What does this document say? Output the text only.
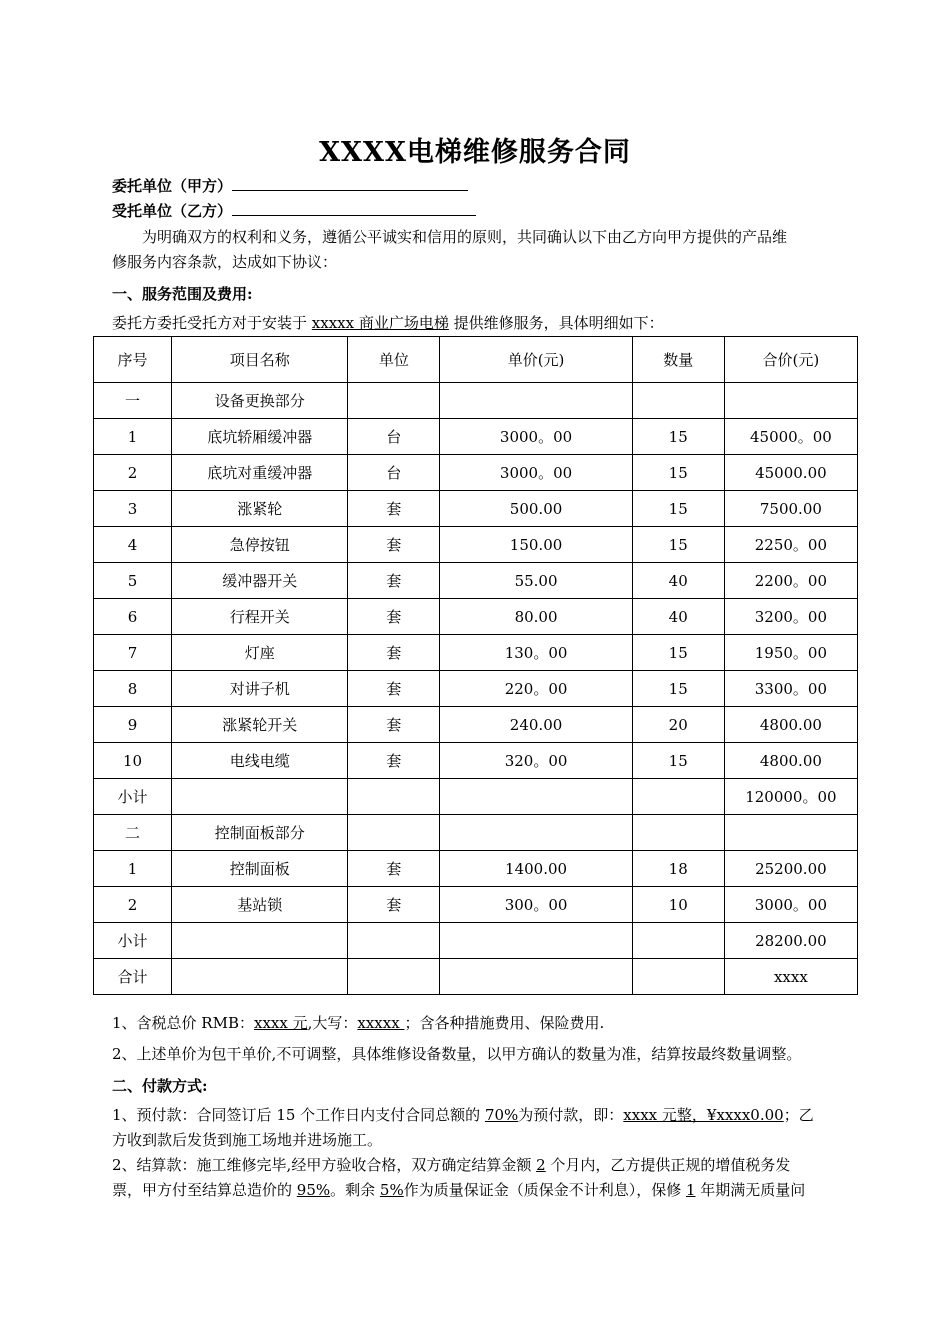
XXXX电梯维修服务合同
委托单位（甲方）
受托单位（乙方）
为明确双方的权利和义务，遵循公平诚实和信用的原则，共同确认以下由乙方向甲方提供的产品维
修服务内容条款，达成如下协议：
一、服务范围及费用:
委托方委托受托方对于安装于 xxxxx 商业广场电梯 提供维修服务，具体明细如下：
序号	项目名称	单位	单价(元)	数量	合价(元)
一	设备更换部分				
1	底坑轿厢缓冲器	台	3000。00	15	45000。00
2	底坑对重缓冲器	台	3000。00	15	45000.00
3	涨紧轮	套	500.00	15	7500.00
4	急停按钮	套	150.00	15	2250。00
5	缓冲器开关	套	55.00	40	2200。00
6	行程开关	套	80.00	40	3200。00
7	灯座	套	130。00	15	1950。00
8	对讲子机	套	220。00	15	3300。00
9	涨紧轮开关	套	240.00	20	4800.00
10	电线电缆	套	320。00	15	4800.00
小计					120000。00
二	控制面板部分				
1	控制面板	套	1400.00	18	25200.00
2	基站锁	套	300。00	10	3000。00
小计					28200.00
合计					xxxx
1、含税总价 RMB：xxxx 元,大写：xxxxx ；含各种措施费用、保险费用.
2、上述单价为包干单价,不可调整，具体维修设备数量，以甲方确认的数量为准，结算按最终数量调整。
二、付款方式:
1、预付款：合同签订后 15 个工作日内支付合同总额的 70%为预付款，即：xxxx 元整，¥xxxx0.00；乙
方收到款后发货到施工场地并进场施工。
2、结算款：施工维修完毕,经甲方验收合格，双方确定结算金额 2 个月内，乙方提供正规的增值税务发
票，甲方付至结算总造价的 95%。剩余 5%作为质量保证金（质保金不计利息），保修 1 年期满无质量问
